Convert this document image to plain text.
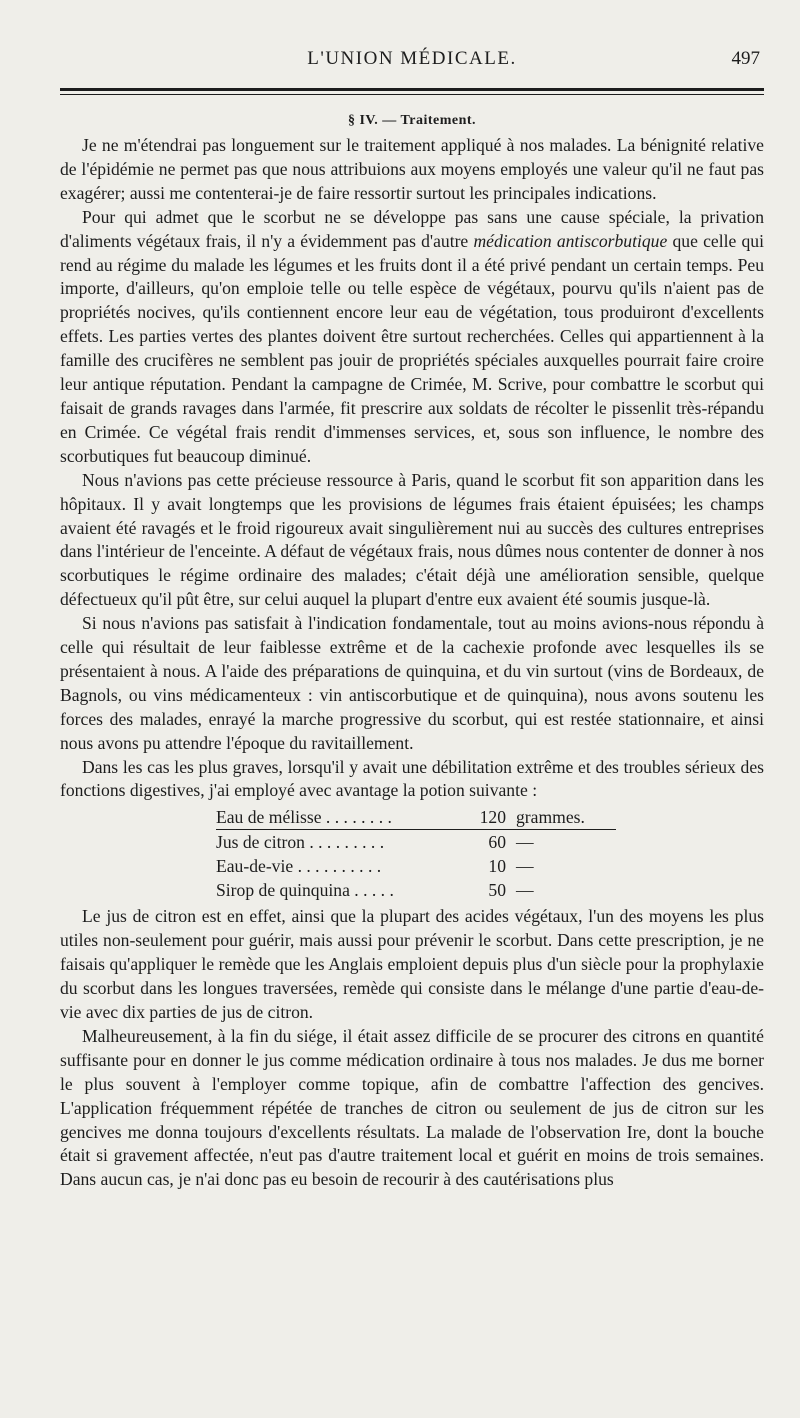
L'UNION MÉDICALE.	497
§ IV. — Traitement.

Je ne m'étendrai pas longuement sur le traitement appliqué à nos malades. La bénignité relative de l'épidémie ne permet pas que nous attribuions aux moyens employés une valeur qu'il ne faut pas exagérer; aussi me contenterai-je de faire ressortir surtout les principales indications.

Pour qui admet que le scorbut ne se développe pas sans une cause spéciale, la privation d'aliments végétaux frais, il n'y a évidemment pas d'autre médication antiscorbutique que celle qui rend au régime du malade les légumes et les fruits dont il a été privé pendant un certain temps. Peu importe, d'ailleurs, qu'on emploie telle ou telle espèce de végétaux, pourvu qu'ils n'aient pas de propriétés nocives, qu'ils contiennent encore leur eau de végétation, tous produiront d'excellents effets. Les parties vertes des plantes doivent être surtout recherchées. Celles qui appartiennent à la famille des crucifères ne semblent pas jouir de propriétés spéciales auxquelles pourrait faire croire leur antique réputation. Pendant la campagne de Crimée, M. Scrive, pour combattre le scorbut qui faisait de grands ravages dans l'armée, fit prescrire aux soldats de récolter le pissenlit très-répandu en Crimée. Ce végétal frais rendit d'immenses services, et, sous son influence, le nombre des scorbutiques fut beaucoup diminué.

Nous n'avions pas cette précieuse ressource à Paris, quand le scorbut fit son apparition dans les hôpitaux. Il y avait longtemps que les provisions de légumes frais étaient épuisées; les champs avaient été ravagés et le froid rigoureux avait singulièrement nui au succès des cultures entreprises dans l'intérieur de l'enceinte. A défaut de végétaux frais, nous dûmes nous contenter de donner à nos scorbutiques le régime ordinaire des malades; c'était déjà une amélioration sensible, quelque défectueux qu'il pût être, sur celui auquel la plupart d'entre eux avaient été soumis jusque-là.

Si nous n'avions pas satisfait à l'indication fondamentale, tout au moins avions-nous répondu à celle qui résultait de leur faiblesse extrême et de la cachexie profonde avec lesquelles ils se présentaient à nous. A l'aide des préparations de quinquina, et du vin surtout (vins de Bordeaux, de Bagnols, ou vins médicamenteux : vin antiscorbutique et de quinquina), nous avons soutenu les forces des malades, enrayé la marche progressive du scorbut, qui est restée stationnaire, et ainsi nous avons pu attendre l'époque du ravitaillement.

Dans les cas les plus graves, lorsqu'il y avait une débilitation extrême et des troubles sérieux des fonctions digestives, j'ai employé avec avantage la potion suivante :

Eau de mélisse . . . . . . . .	120 grammes.
Jus de citron . . . . . . . . .	60 —
Eau-de-vie . . . . . . . . . .	10 —
Sirop de quinquina . . . . .	50 —

Le jus de citron est en effet, ainsi que la plupart des acides végétaux, l'un des moyens les plus utiles non-seulement pour guérir, mais aussi pour prévenir le scorbut. Dans cette prescription, je ne faisais qu'appliquer le remède que les Anglais emploient depuis plus d'un siècle pour la prophylaxie du scorbut dans les longues traversées, remède qui consiste dans le mélange d'une partie d'eau-de-vie avec dix parties de jus de citron.

Malheureusement, à la fin du siége, il était assez difficile de se procurer des citrons en quantité suffisante pour en donner le jus comme médication ordinaire à tous nos malades. Je dus me borner le plus souvent à l'employer comme topique, afin de combattre l'affection des gencives. L'application fréquemment répétée de tranches de citron ou seulement de jus de citron sur les gencives me donna toujours d'excellents résultats. La malade de l'observation Ire, dont la bouche était si gravement affectée, n'eut pas d'autre traitement local et guérit en moins de trois semaines. Dans aucun cas, je n'ai donc pas eu besoin de recourir à des cautérisations plus
